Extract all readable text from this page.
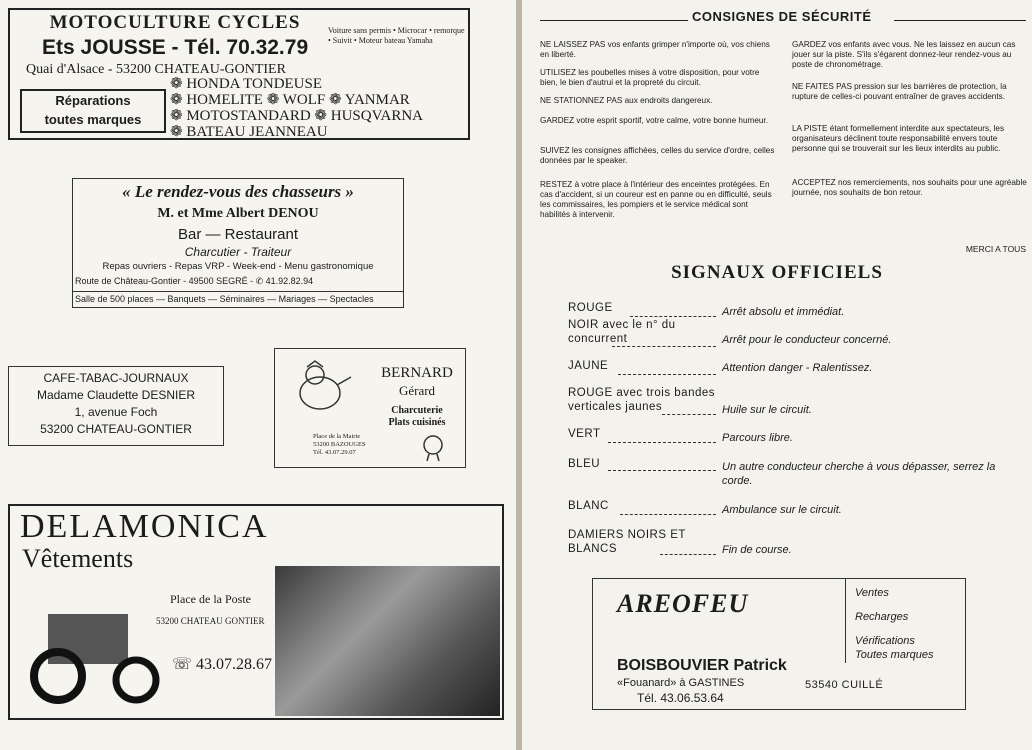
MOTOCULTURE CYCLES
Ets JOUSSE - Tél. 70.32.79
Quai d'Alsace - 53200 CHATEAU-GONTIER
Voiture sans permis • Microcar • remorque • Suivit • Moteur bateau Yamaha
Réparations
toutes marques
❁ HONDA TONDEUSE
❁ HOMELITE ❁ WOLF ❁ YANMAR
❁ MOTOSTANDARD ❁ HUSQVARNA
❁ BATEAU JEANNEAU
« Le rendez-vous des chasseurs »
M. et Mme Albert DENOU
Bar — Restaurant
Charcutier - Traiteur
Repas ouvriers - Repas VRP - Week-end - Menu gastronomique
Route de Château-Gontier - 49500 SEGRÉ - ✆ 41.92.82.94
Salle de 500 places — Banquets — Séminaires — Mariages — Spectacles
CAFE-TABAC-JOURNAUX
Madame Claudette DESNIER
1, avenue Foch
53200 CHATEAU-GONTIER
BERNARD
Gérard
Charcuterie
Plats cuisinés
Place de la Mairie
53200 BAZOUGES
Tél. 43.07.29.07
DELAMONICA
Vêtements
Place de la Poste
53200 CHATEAU GONTIER
☏ 43.07.28.67
CONSIGNES DE SÉCURITÉ
NE LAISSEZ PAS vos enfants grimper n'importe où, vos chiens en liberté.
UTILISEZ les poubelles mises à votre disposition, pour votre bien, le bien d'autrui et la propreté du circuit.
NE STATIONNEZ PAS aux endroits dangereux.
GARDEZ votre esprit sportif, votre calme, votre bonne humeur.
SUIVEZ les consignes affichées, celles du service d'ordre, celles données par le speaker.
RESTEZ à votre place à l'intérieur des enceintes protégées. En cas d'accident, si un coureur est en panne ou en difficulté, seuls les commissaires, les pompiers et le service médical sont habilités à intervenir.
GARDEZ vos enfants avec vous. Ne les laissez en aucun cas jouer sur la piste. S'ils s'égarent donnez-leur rendez-vous au poste de chronométrage.
NE FAITES PAS pression sur les barrières de protection, la rupture de celles-ci pouvant entraîner de graves accidents.
LA PISTE étant formellement interdite aux spectateurs, les organisateurs déclinent toute responsabilité envers toute personne qui se trouverait sur les lieux interdits au public.
ACCEPTEZ nos remerciements, nos souhaits pour une agréable journée, nos souhaits de bon retour.
MERCI A TOUS
SIGNAUX OFFICIELS
ROUGE	Arrêt absolu et immédiat.
NOIR avec le n° du concurrent	Arrêt pour le conducteur concerné.
JAUNE	Attention danger - Ralentissez.
ROUGE avec trois bandes verticales jaunes	Huile sur le circuit.
VERT	Parcours libre.
BLEU	Un autre conducteur cherche à vous dépasser, serrez la corde.
BLANC	Ambulance sur le circuit.
DAMIERS NOIRS ET BLANCS	Fin de course.
AREOFEU	Ventes
Recharges
Vérifications
Toutes marques
BOISBOUVIER Patrick
«Fouanard» à GASTINES	53540 CUILLÉ
Tél. 43.06.53.64
